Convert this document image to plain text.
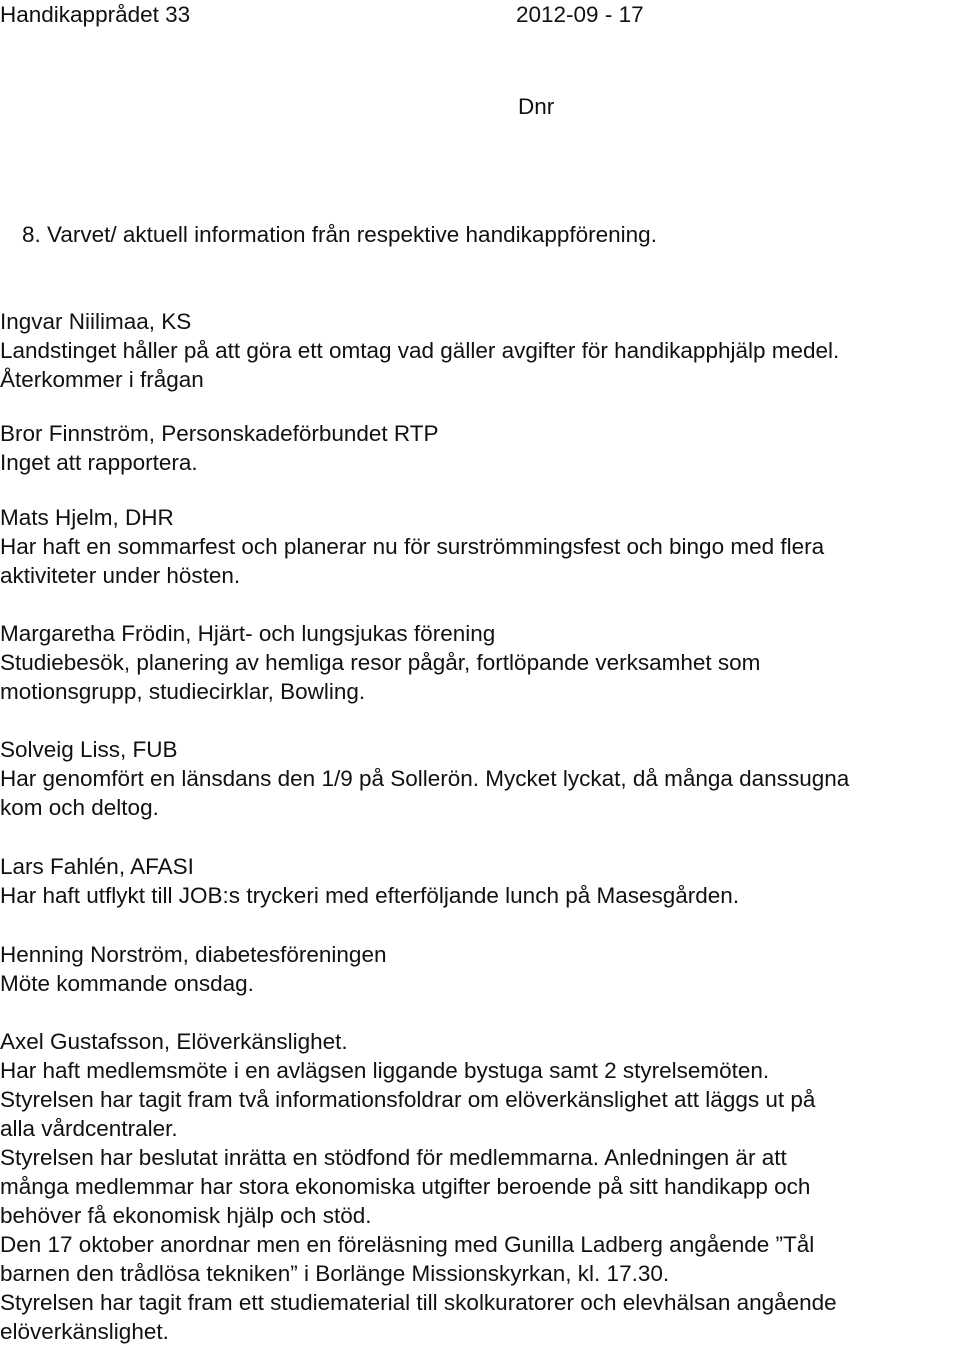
Handikapprådet 33	2012-09 - 17
Dnr
8. Varvet/ aktuell information från respektive handikappförening.
Ingvar Niilimaa, KS
Landstinget håller på att göra ett omtag vad gäller avgifter för handikapphjälp medel.
Återkommer i frågan
Bror Finnström, Personskadeförbundet RTP
Inget att rapportera.
Mats Hjelm, DHR
Har haft en sommarfest och planerar nu för surströmmingsfest och bingo med flera
aktiviteter under hösten.
Margaretha Frödin, Hjärt- och lungsjukas förening
Studiebesök, planering av hemliga resor pågår, fortlöpande verksamhet som
motionsgrupp, studiecirklar, Bowling.
Solveig Liss, FUB
Har genomfört en länsdans den 1/9 på Sollerön. Mycket lyckat, då många danssugna
kom och deltog.
Lars Fahlén, AFASI
Har haft utflykt till JOB:s tryckeri med efterföljande lunch på Masesgården.
Henning Norström, diabetesföreningen
Möte kommande onsdag.
Axel Gustafsson, Elöverkänslighet.
Har haft medlemsmöte i en avlägsen liggande bystuga samt 2 styrelsemöten.
Styrelsen har tagit fram två informationsfoldrar om elöverkänslighet att läggs ut på
alla vårdcentraler.
Styrelsen har beslutat inrätta en stödfond för medlemmarna. Anledningen är att
många medlemmar har stora ekonomiska utgifter beroende på sitt handikapp och
behöver få ekonomisk hjälp och stöd.
Den 17 oktober anordnar men en föreläsning med Gunilla Ladberg angående ”Tål
barnen den trådlösa tekniken” i Borlänge Missionskyrkan, kl. 17.30.
Styrelsen har tagit fram ett studiematerial till skolkuratorer och elevhälsan angående
elöverkänslighet.
